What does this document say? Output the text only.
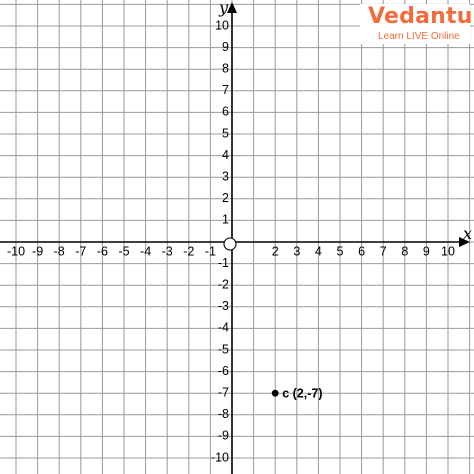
x
y
-10 -9 -8 -7 -6 -5 -4 -3 -2 -1	2 3 4 5 6 7 8 9 10
10
9
8
7
6
5
4
3
2
1
-1
-2
-3
-4
-5
-6
-7
-8
-9
-10
c (2,-7)
Vedantu
Learn LIVE Online
